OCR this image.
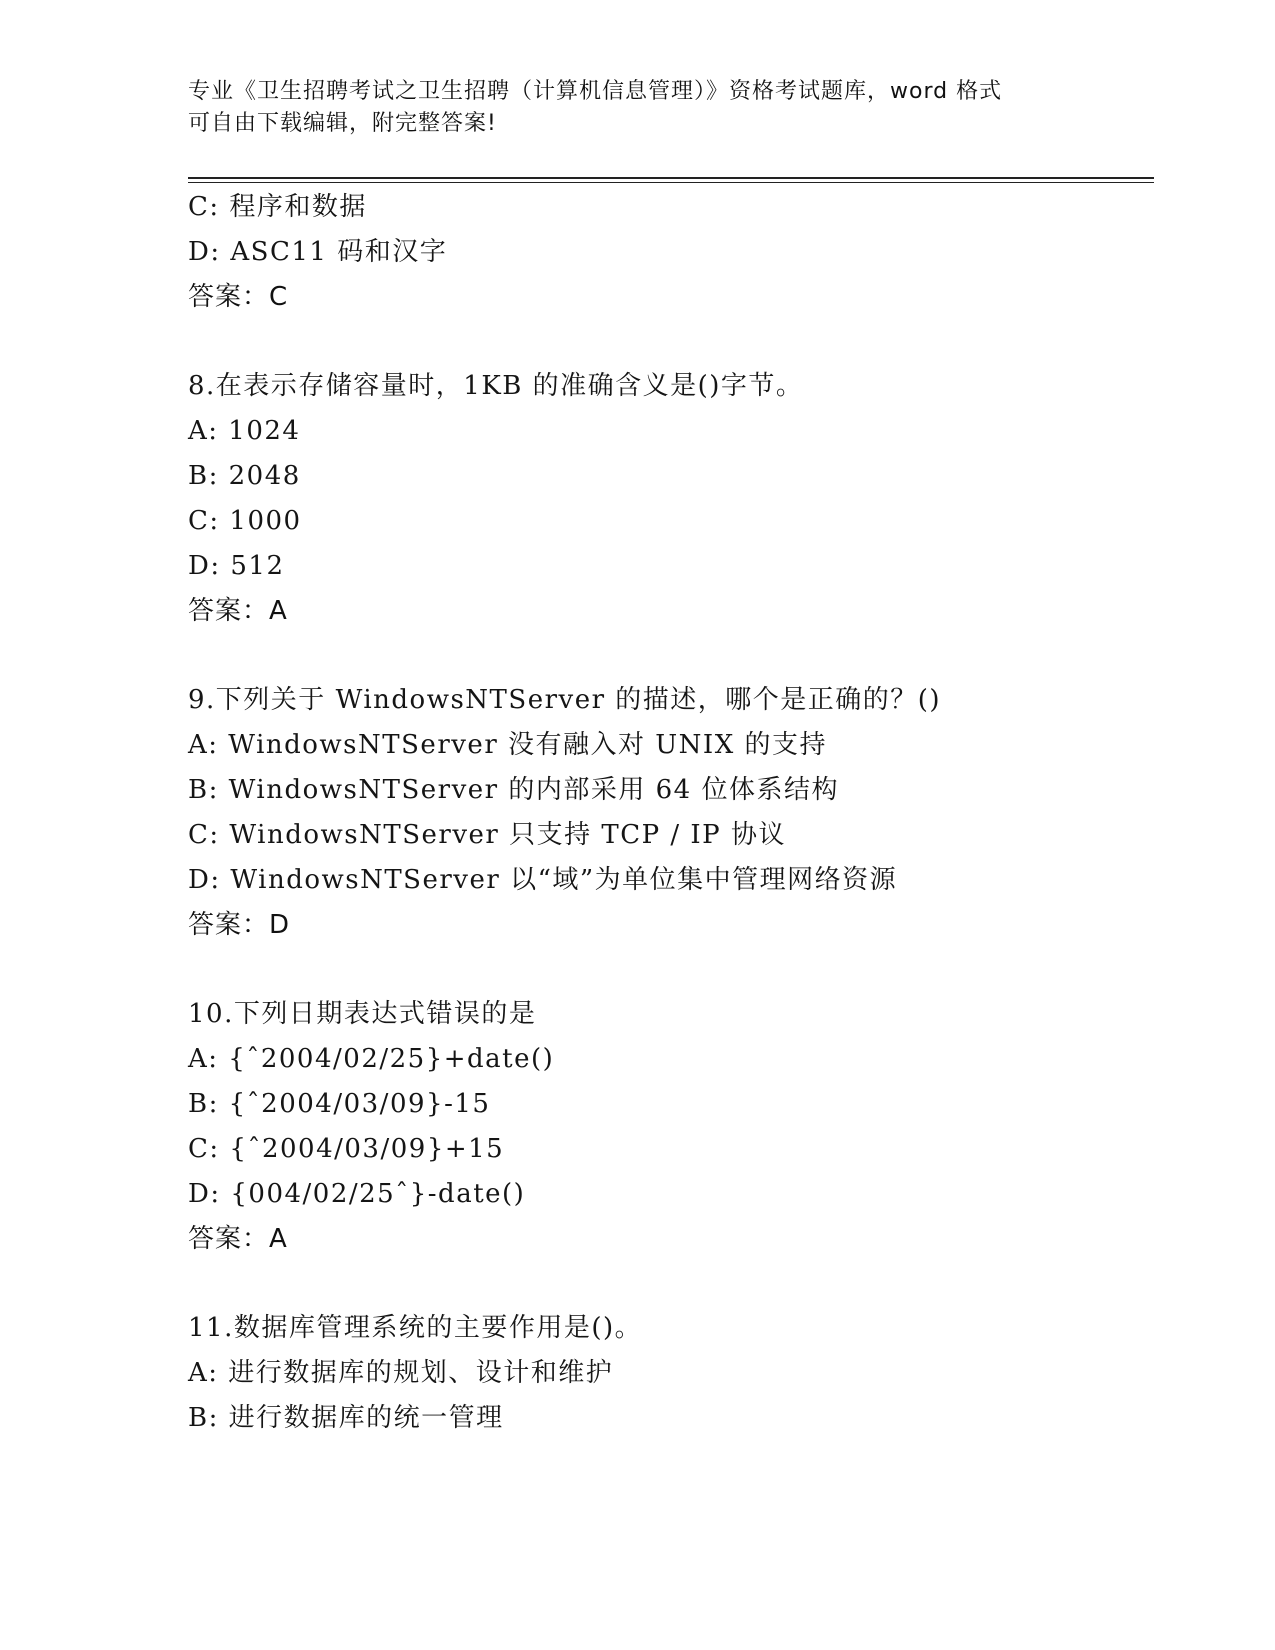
专业《卫生招聘考试之卫生招聘（计算机信息管理）》资格考试题库，word 格式
可自由下载编辑，附完整答案!
C: 程序和数据
D: ASC11 码和汉字
答案：C
8.在表示存储容量时，1KB 的准确含义是()字节。
A: 1024
B: 2048
C: 1000
D: 512
答案：A
9.下列关于 WindowsNTServer 的描述，哪个是正确的？()
A: WindowsNTServer 没有融入对 UNIX 的支持
B: WindowsNTServer 的内部采用 64 位体系结构
C: WindowsNTServer 只支持 TCP / IP 协议
D: WindowsNTServer 以“域”为单位集中管理网络资源
答案：D
10.下列日期表达式错误的是
A: {ˆ2004/02/25}+date()
B: {ˆ2004/03/09}-15
C: {ˆ2004/03/09}+15
D: {004/02/25ˆ}-date()
答案：A
11.数据库管理系统的主要作用是()。
A: 进行数据库的规划、设计和维护
B: 进行数据库的统一管理
